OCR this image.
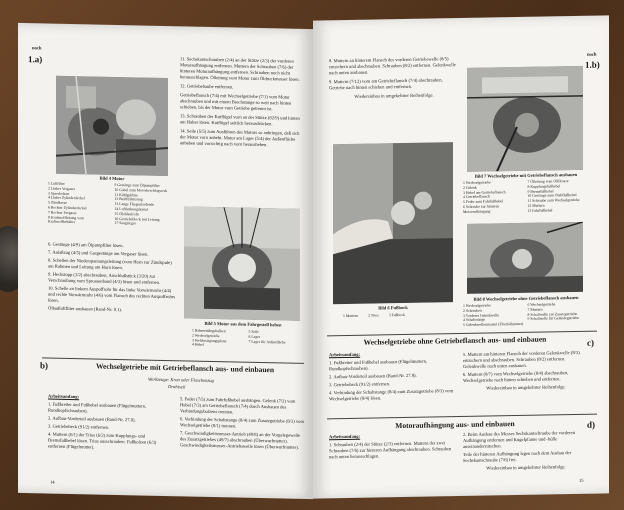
noch
1.a)
Bild 4 Motor
1 Luftfilter
2 Linker Vergaser
3 Sperrbolzen
4 Linker Zylinderdeckel
5 Zündkerze
6 Rechter Zylinderdeckel
7 Rechter Vergaser
8 Kraftstoffleitung vom Kraftstoffbehälter
9 Gestänge zum Ölpumpfilter
10 Gabel zum Motorbeschlagwerk
11 Kühlgebläse
12 Beidfüllsitzung
13 Lange Fliegenlaufende
14 Luftlenkungskanal
15 Ölablaufrohr
16 Getriebeblock mit Leitung
17 Saugsieger
6. Gestänge (4/9) am Ölpumpfilter lösen.
7. Anlaßzug (4/5) und Gasgestänge am Vergaser lösen.
8. Schellen der Niederspannungsleitung (vom Horn zur Zündspule) am Rahmen und Leitung am Horn lösen.
9. Heckstopp (3/2) abschrauben, Anschlußstück (3/20) zur Verschraubung vom Sprossenband (4/3) lösen und entfernen.
10. Schelle an linkem Auspuffrohr für das linke Vorwärmrohr (4/4) und rechte Vorwärmrohr (4/6) vom Flansch des rechten Auspuffrohrs lösen.
Ölbadluftfilter ausbauen (Rand-Nr. 8.1).
11. Sechskantschrauben (2/4) an der Stütze (2/3) der vorderen Motoraufhängung entfernen. Muttern der Schrauben (7/6) der hinteren Motoraufhängung entfernen. Schrauben noch nicht herausschlagen. Ölleitung vom Motor zum Öldruckmesser lösen.
12. Getriebehaube entfernen.
Getriebeflansch (7/4) mit Wechselgetriebe (7/1) vom Motor abschrauben und mit einem Brechstange so weit nach hinten schieben, bis der Motor vom Getriebe getrennt ist.
13. Schrauben der Kotflügel vorn an der Stütze (82/9) und hinten am Halter lösen. Kotflügel seitlich herausdrücken.
14. Seile (5/5) zum Ausführen des Motors so anbringen, daß sich der Motor vorn anhebt. Motor am Lager (5/4) der Außenfläche anheben und vorsichtig nach vorn herausheben.
Bild 5 Motor aus dem Fahrgestell heben
1 Rahmenlängsbalken
2 Wechselgetriebe
3 Weltbestigungsplatte
4 Hebel
5 Seile
6 Lager
7 Lager für Außenfläche
b)	Wechselgetriebe mit Getriebeflansch aus- und einbauen
Werkzeuge: Kran oder Flaschenzug
Drahtseil
Arbeitsumfang:
1. Fußbretter und Fußhebel ausbauen (Flügelmuttern, Rundkopfschrauben).
2. Aufbau-Vorderteil ausbauen (Rand-Nr. 27.8).
3. Getriebeheck (91/2) entfernen.
4. Muttern (6/1) der Trios (6/2) zum Kupplungs- und Bremsfußhebel lösen. Trios ausschrauben. Fußbolzen (6/3) entfernen (Flügelmutter).
5. Feder (7/5) zum Fahrfußhebel aushängen. Gelenk (7/2) vom Hebel (7/3) am Getriebeflansch (7/4) durch Ausbauen des Verbindungsbolzens trennen.
6. Verbindung der Schaltstange (8/4) zum Zusatzgetriebe (8/3) vom Wechselgetriebe (8/1) trennen.
7. Geschwindigkeitsmesser-Antrieb (49/8) an der Vorgelegewelle des Zusatzgetriebes (49/7) abschrauben (Überwurfmutter). Geschwindigkeitsmesser-Antriebswelle lösen (Überwurfmutter).
14
noch
1.b)
8. Muttern an hinterem Flansch des vorderen Getriebewelle (8/5) entsichern und abschrauben. Schrauben (8/2) entfernen. Gelenkwelle nach unten ausbauen.
9. Muttern (7/12) vorn am Getriebeflansch (7/4) abschrauben, Getriebe nach hinten schieben und entfernen.
Wiedereinbau in umgekehrter Reihenfolge.
Bild 6 Fußbock
1 Muttern	2 Trios	3 Fußbock
Bild 7 Wechselgetriebe mit Getriebeflansch ausbauen
1 Wechselgetriebe
2 Gelenk
3 Hebel am Getriebeflansch
4 Getriebeflansch
5 Feder zum Fahrfußhebel
6 Schraube zur hinteren Motoraufhängung
7 Ölleitung vom Ölfiltrator
8 Kupplungsfußhebel
9 Bremsfußhebel
10 Gestänge zum Ölabflußhebel
11 Schraube zum Wechselgetriebe
12 Muttern
13 Fahrfußhebel
Bild 8 Wechselgetriebe ohne Getriebeflansch ausbauen
1 Wechselgetriebe
2 Schrauben
3 Vorderer Gelenkwelle
4 Schaltstange
5 Gelenkwellenmantel (Überfallmutter)
6 Wechselgetriebe
7 Muttern
8 Schaltwelle zur Zusatzgetriebe
9 Schaltstelle für Geländegetriebe
Wechselgetriebe ohne Getriebeflansch aus- und einbauen	c)
Arbeitsumfang:
1. Fußbretter und Fußhebel ausbauen (Flügelmuttern, Rundkopfschrauben).
2. Aufbau-Vorderteil ausbauen (Rand-Nr. 27.8).
3. Getriebeheck (91/2) entfernen.
4. Verbindung der Schaltstange (8/4) zum Zusatzgetriebe (8/3) vom Wechselgetriebe (8/4) lösen.
5. Muttern am hinteren Flansch der vorderen Gelenkwelle (8/3) entsichern und abschrauben. Schrauben (8/2) entfernen. Gelenkwelle nach unten ausbauen.
6. Muttern (8/7) vom Wechselgetriebe (8/4) abschrauben, Wechselgetriebe nach hinten schieben und entfernen.
Wiedereinbau in umgekehrter Reihenfolge.
Motoraufhängung aus- und einbauen	d)
Arbeitsumfang:
1. Schrauben (2/4) der Stütze (2/3) entfernen. Muttern der zwei Schrauben (7/6) zur hinteren Aufhängung abschrauben. Schrauben nach unten herausschlagen.
2. Beim Ausbau des Messes Sechskantschraube der vorderen Aufhängung entfernen und Kugelpfanne und -hülle auseinanderrutschen.
Teile der hinteren Aufhängung legen nach dem Ausbau der Sechskantschraube (7/6) frei.
Wiedereinbau in umgekehrter Reihenfolge.
15
